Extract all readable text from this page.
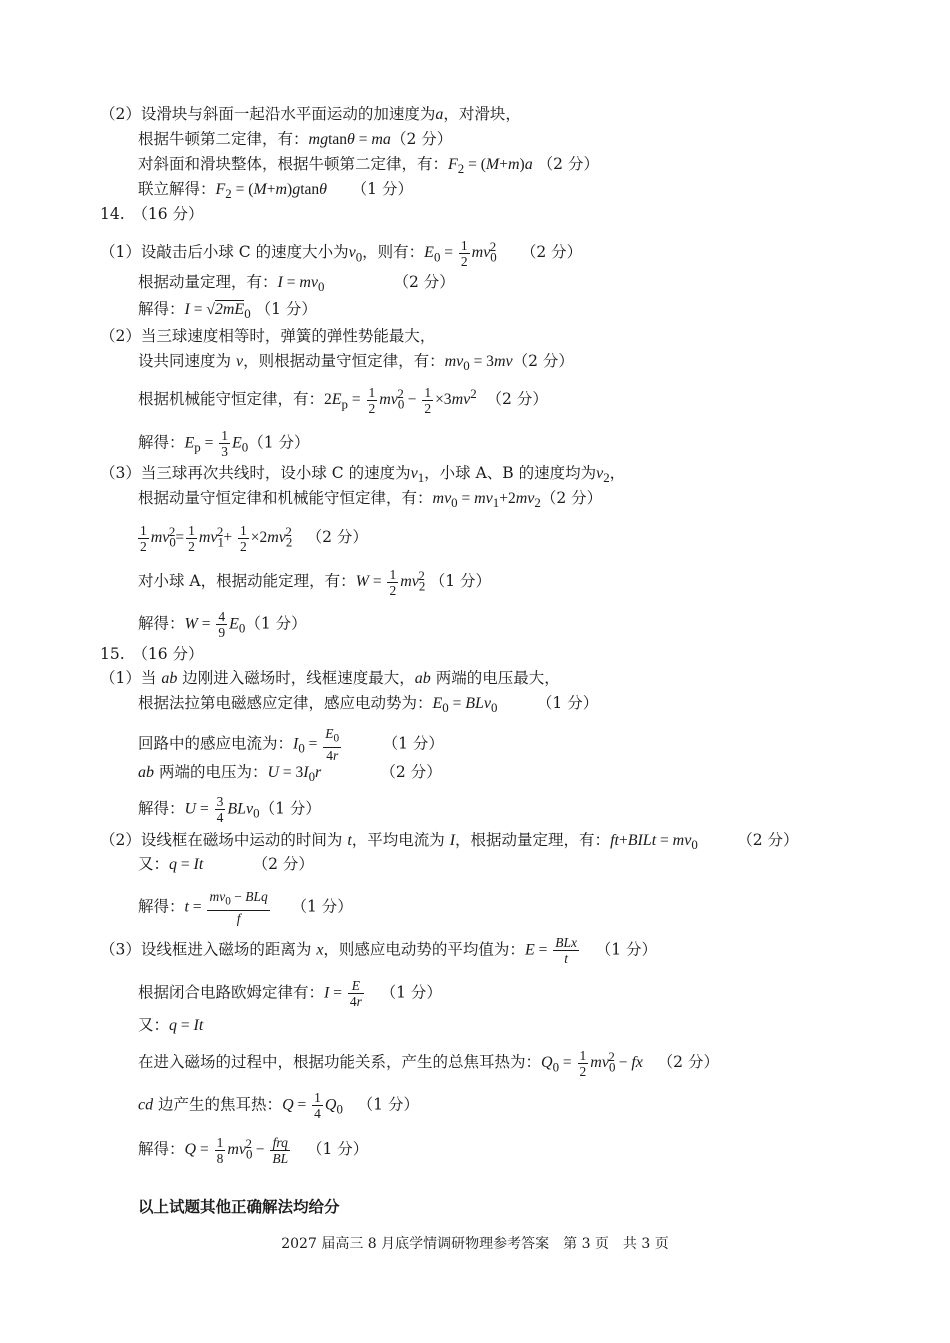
（2）设滑块与斜面一起沿水平面运动的加速度为a，对滑块，
根据牛顿第二定律，有：mgtanθ = ma（2 分）
对斜面和滑块整体，根据牛顿第二定律，有：$F_2 = (M+m)a$ （2 分）
联立解得：$F_2 = (M+m)gtan\theta$ （1 分）
14.　（16 分）
（1）设敲击后小球 C 的速度大小为$v_0$，则有：$E_0 = \frac{1}{2} mv_0^2$ （2 分）
根据动量定理，有：$I = mv_0$	（2 分）
解得：$I = √2mE_0$ （1 分）
（2）当三球速度相等时，弹簧的弹性势能最大，
设共同速度为 v，则根据动量守恒定律，有：$mv_0 = 3mv(2$ 分）
根据机械能守恒定律，有：$2E_p = \frac{1}{2} mv_0^2 - \frac{1}{2} \times 3mv^2$ （2 分）
解得：$E_p = \frac{1}{3} E_0(1$ 分）
（3）当三球再次共线时，设小球 C 的速度为$v_1$，小球 A、B 的速度均为$v_2$，
根据动量守恒定律和机械能守恒定律，有：$mv_0 = mv_1+2mv_2(2$ 分）
$\frac{1}{2} mv_0^2= \frac{1}{2} mv_1^2+ \frac{1}{2} \times 2mv_2^2$ （2 分）
对小球 A，根据动能定理，有：$W = \frac{1}{2} mv_2^2$ （1 分）
解得：$W = \frac{4}{9} E_0(1$ 分）
15.　（16 分）
（1）当 ab 边刚进入磁场时，线框速度最大，ab 两端的电压最大，
根据法拉第电磁感应定律，感应电动势为：$E_0 = BLv_0$	（1 分）
回路中的感应电流为：$I_0 = \frac{E_0}{4r}$	（1 分）
ab 两端的电压为：$U = 3I_0r$	（2 分）
解得：$U = \frac{3}{4} BLv_0(1$ 分）
（2）设线框在磁场中运动的时间为 t，平均电流为 I，根据动量定理，有：ft+BILt = $mv_0$	（2 分）
又：q = It	（2 分）
解得：$t = \frac{mv_0 - BLq}{f} (1$ 分）
（3）设线框进入磁场的距离为 x，则感应电动势的平均值为：$E = \frac{\text{BLx}}{t} (1$ 分）
根据闭合电路欧姆定律有：$I = \frac{E}{4r} (1$ 分）
又：q = It
在进入磁场的过程中，根据功能关系，产生的总焦耳热为：$Q_0 = \frac{1}{2} mv_0^2$ − fx （2 分）
cd 边产生的焦耳热：$Q = \frac{1}{4} Q_0$ （1 分）
解得：$Q = \frac{1}{8} mv_0^2 - \frac{\text{frq}}{BL} (1$ 分）
以上试题其他正确解法均给分
2027 届高三 8 月底学情调研物理参考答案　第 3 页　共 3 页
